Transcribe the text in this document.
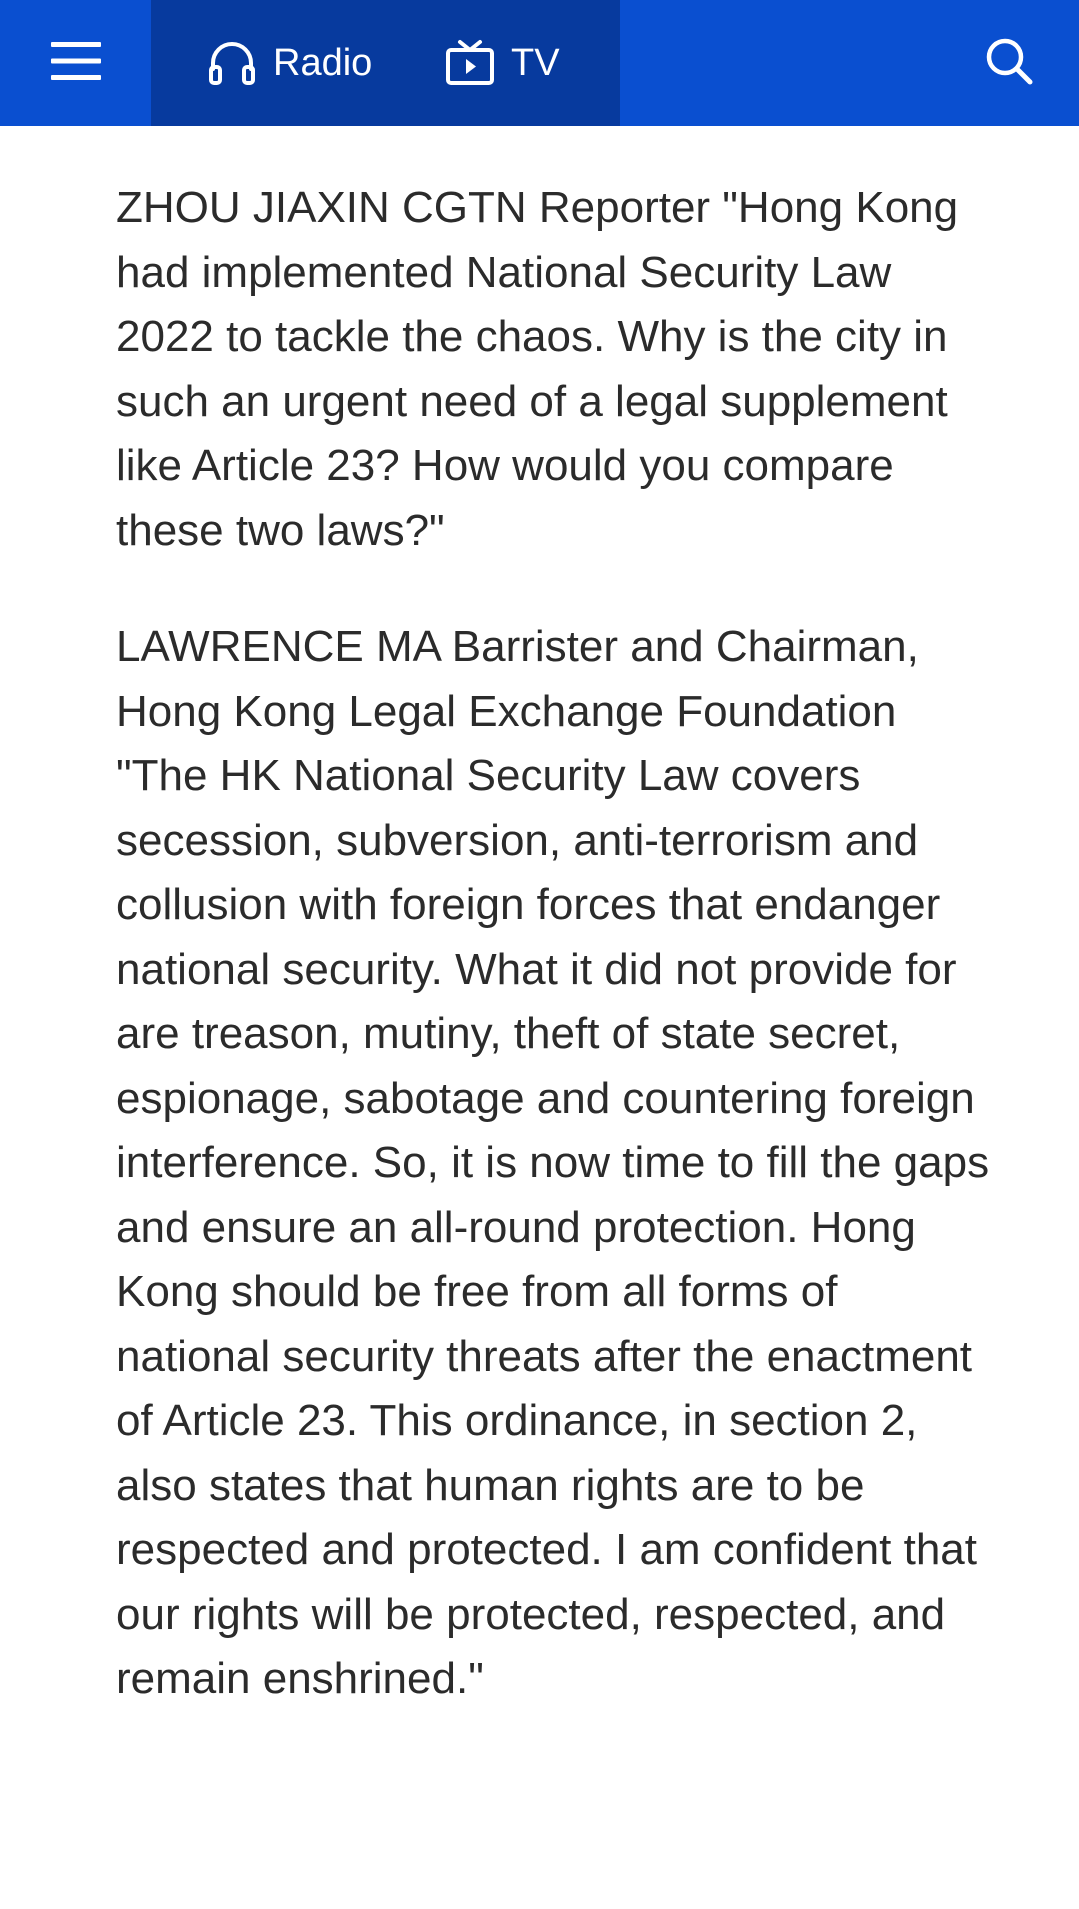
Radio	TV

ZHOU JIAXIN CGTN Reporter "Hong Kong had implemented National Security Law 2022 to tackle the chaos. Why is the city in such an urgent need of a legal supplement like Article 23? How would you compare these two laws?"

LAWRENCE MA Barrister and Chairman, Hong Kong Legal Exchange Foundation "The HK National Security Law covers secession, subversion, anti-terrorism and collusion with foreign forces that endanger national security. What it did not provide for are treason, mutiny, theft of state secret, espionage, sabotage and countering foreign interference. So, it is now time to fill the gaps and ensure an all-round protection. Hong Kong should be free from all forms of national security threats after the enactment of Article 23. This ordinance, in section 2, also states that human rights are to be respected and protected. I am confident that our rights will be protected, respected, and remain enshrined."
